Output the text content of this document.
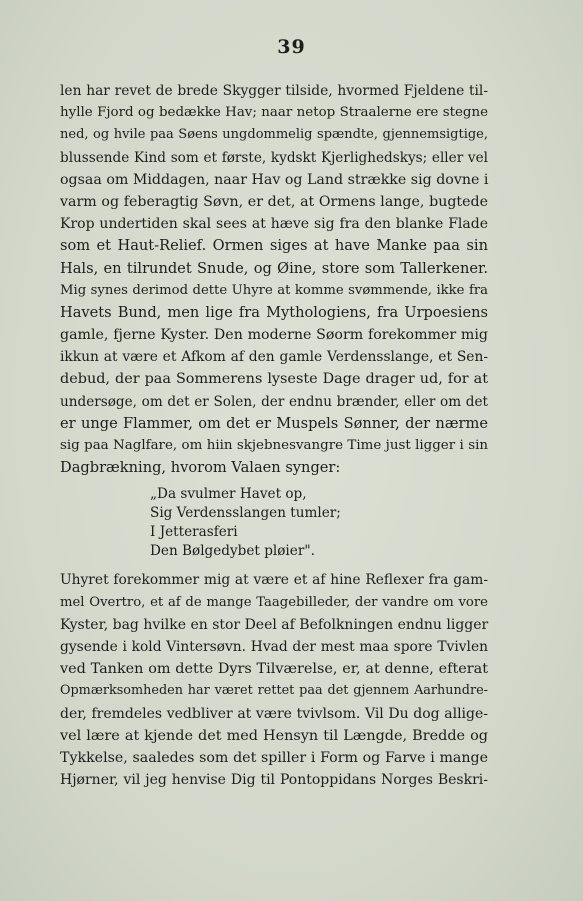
39
len har revet de brede Skygger tilside, hvormed Fjeldene til-
hylle Fjord og bedække Hav; naar netop Straalerne ere stegne
ned, og hvile paa Søens ungdommelig spændte, gjennemsigtige,
blussende Kind som et første, kydskt Kjerlighedskys; eller vel
ogsaa om Middagen, naar Hav og Land strække sig dovne i
varm og feberagtig Søvn, er det, at Ormens lange, bugtede
Krop undertiden skal sees at hæve sig fra den blanke Flade
som et Haut-Relief. Ormen siges at have Manke paa sin
Hals, en tilrundet Snude, og Øine, store som Tallerkener.
Mig synes derimod dette Uhyre at komme svømmende, ikke fra
Havets Bund, men lige fra Mythologiens, fra Urpoesiens
gamle, fjerne Kyster. Den moderne Søorm forekommer mig
ikkun at være et Afkom af den gamle Verdensslange, et Sen-
debud, der paa Sommerens lyseste Dage drager ud, for at
undersøge, om det er Solen, der endnu brænder, eller om det
er unge Flammer, om det er Muspels Sønner, der nærme
sig paa Naglfare, om hiin skjebnesvangre Time just ligger i sin
Dagbrækning, hvorom Valaen synger:
„Da svulmer Havet op,
Sig Verdensslangen tumler;
I Jetterasferi
Den Bølgedybet pløier".
Uhyret forekommer mig at være et af hine Reflexer fra gam-
mel Overtro, et af de mange Taagebilleder, der vandre om vore
Kyster, bag hvilke en stor Deel af Befolkningen endnu ligger
gysende i kold Vintersøvn. Hvad der mest maa spore Tvivlen
ved Tanken om dette Dyrs Tilværelse, er, at denne, efterat
Opmærksomheden har været rettet paa det gjennem Aarhundre-
der, fremdeles vedbliver at være tvivlsom. Vil Du dog allige-
vel lære at kjende det med Hensyn til Længde, Bredde og
Tykkelse, saaledes som det spiller i Form og Farve i mange
Hjørner, vil jeg henvise Dig til Pontoppidans Norges Beskri-
